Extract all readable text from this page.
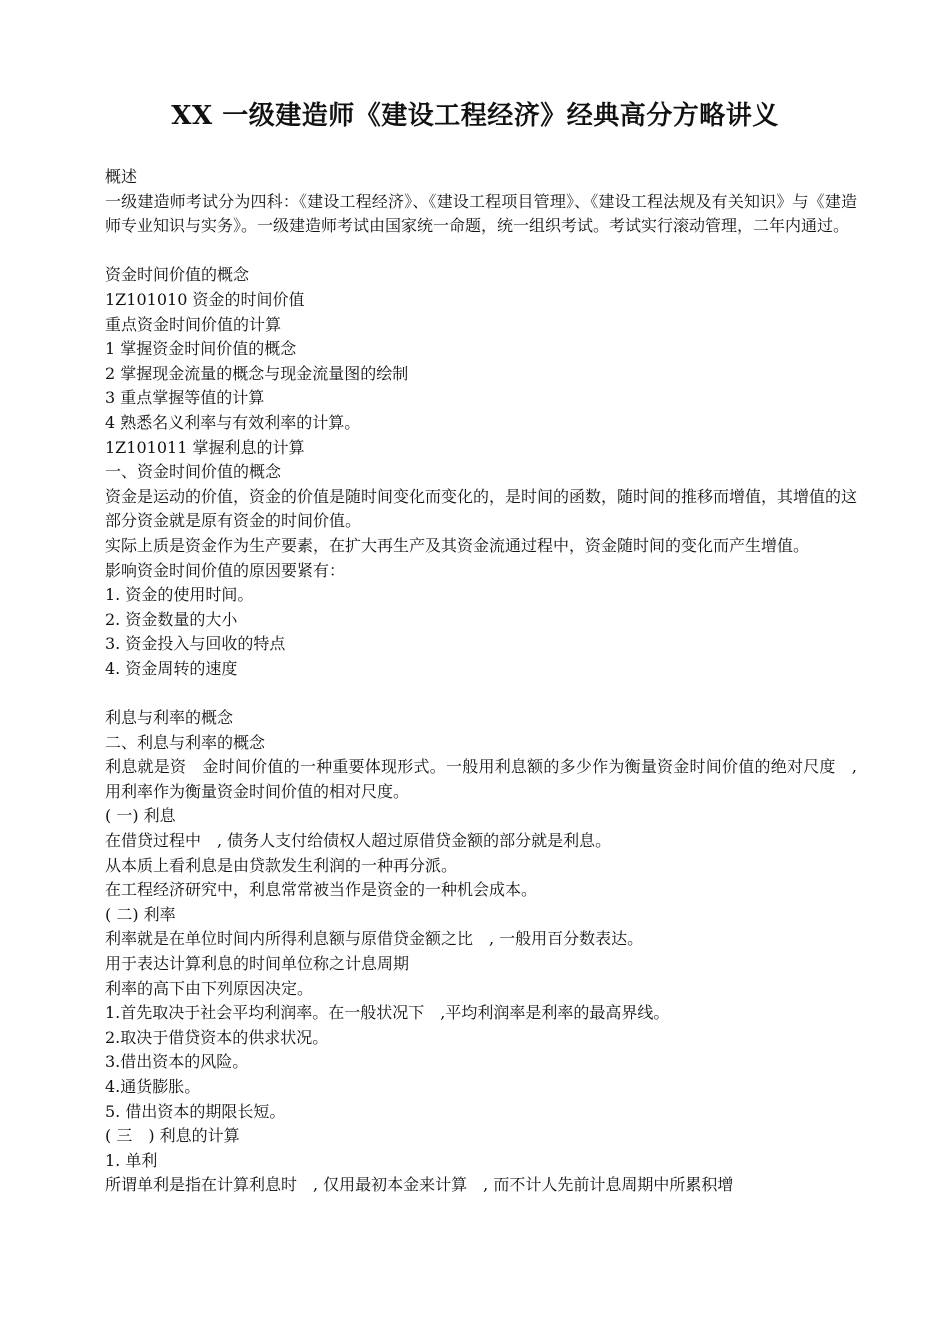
XX 一级建造师《建设工程经济》经典高分方略讲义
概述
一级建造师考试分为四科：《建设工程经济》、《建设工程项目管理》、《建设工程法规及有关知识》与《建造师专业知识与实务》。一级建造师考试由国家统一命题，统一组织考试。考试实行滚动管理，二年内通过。
资金时间价值的概念
1Z101010 资金的时间价值
重点资金时间价值的计算
1 掌握资金时间价值的概念
2 掌握现金流量的概念与现金流量图的绘制
3 重点掌握等值的计算
4 熟悉名义利率与有效利率的计算。
1Z101011 掌握利息的计算
一、资金时间价值的概念
资金是运动的价值，资金的价值是随时间变化而变化的，是时间的函数，随时间的推移而增值，其增值的这部分资金就是原有资金的时间价值。
实际上质是资金作为生产要素，在扩大再生产及其资金流通过程中，资金随时间的变化而产生增值。
影响资金时间价值的原因要紧有：
1. 资金的使用时间。
2. 资金数量的大小
3. 资金投入与回收的特点
4. 资金周转的速度
利息与利率的概念
二、利息与利率的概念
利息就是资　金时间价值的一种重要体现形式。一般用利息额的多少作为衡量资金时间价值的绝对尺度　, 用利率作为衡量资金时间价值的相对尺度。
( 一) 利息
在借贷过程中　, 债务人支付给债权人超过原借贷金额的部分就是利息。
从本质上看利息是由贷款发生利润的一种再分派。
在工程经济研究中，利息常常被当作是资金的一种机会成本。
( 二) 利率
利率就是在单位时间内所得利息额与原借贷金额之比　, 一般用百分数表达。
用于表达计算利息的时间单位称之计息周期
利率的高下由下列原因决定。
1.首先取决于社会平均利润率。在一般状况下　,平均利润率是利率的最高界线。
2.取决于借贷资本的供求状况。
3.借出资本的风险。
4.通货膨胀。
5. 借出资本的期限长短。
( 三　) 利息的计算
1. 单利
所谓单利是指在计算利息时　, 仅用最初本金来计算　, 而不计人先前计息周期中所累积增
